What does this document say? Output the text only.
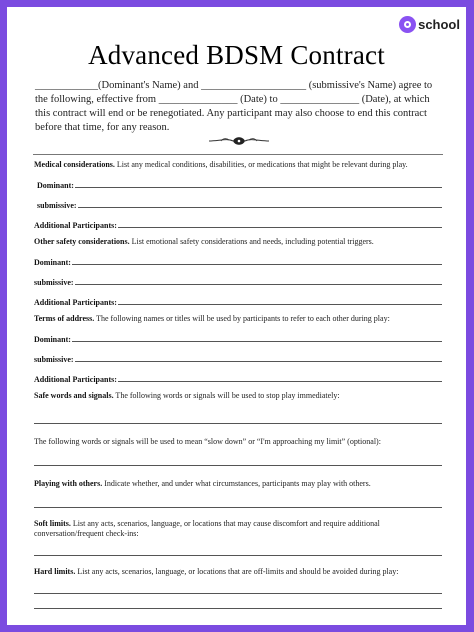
school
Advanced BDSM Contract

____________(Dominant's Name) and ____________________ (submissive's Name) agree to the following, effective from _______________ (Date) to _______________ (Date), at which this contract will end or be renegotiated. Any participant may also choose to end this contract before that time, for any reason.

Medical considerations. List any medical conditions, disabilities, or medications that might be relevant during play.
Dominant:
submissive:
Additional Participants:
Other safety considerations. List emotional safety considerations and needs, including potential triggers.
Dominant:
submissive:
Additional Participants:
Terms of address. The following names or titles will be used by participants to refer to each other during play:
Dominant:
submissive:
Additional Participants:
Safe words and signals. The following words or signals will be used to stop play immediately:
The following words or signals will be used to mean “slow down” or “I'm approaching my limit” (optional):
Playing with others. Indicate whether, and under what circumstances, participants may play with others.
Soft limits. List any acts, scenarios, language, or locations that may cause discomfort and require additional conversation/frequent check-ins:
Hard limits. List any acts, scenarios, language, or locations that are off-limits and should be avoided during play:
